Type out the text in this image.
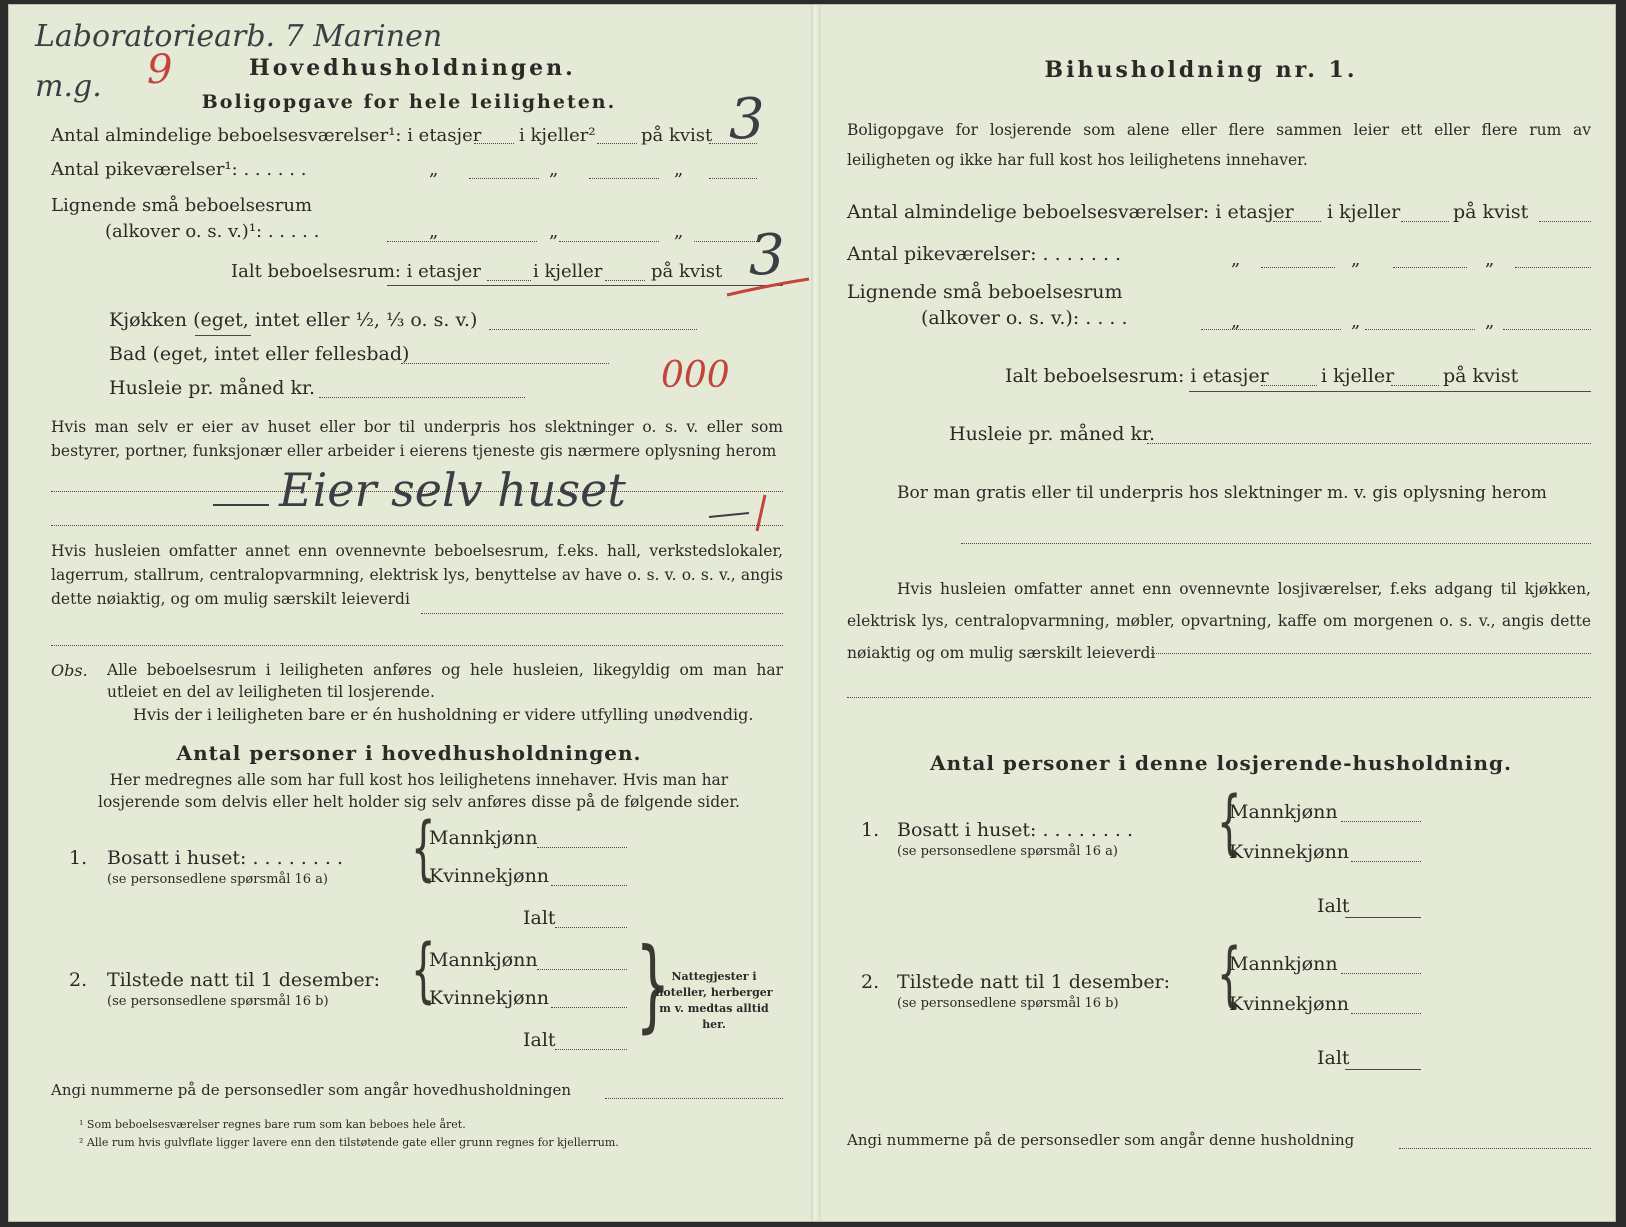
Laboratoriearb. 7 Marinen
m.g. 9	Hovedhusholdningen.
Boligopgave for hele leiligheten.
Antal almindelige beboelsesværelser¹: i etasjer i kjeller²	på kvist 3
Antal pikeværelser¹: . . . . . .	„	„	„
Lignende små beboelsesrum
(alkover o. s. v.)¹: . . . . .	„	„	„
Ialt beboelsesrum: i etasjer	i kjeller	på kvist 3
Kjøkken (eget, intet eller ½, ⅓ o. s. v.)
Bad (eget, intet eller fellesbad)
Husleie pr. måned kr.	000
Hvis man selv er eier av huset eller bor til underpris hos slektninger o. s. v. eller som bestyrer, portner, funksjonær eller arbeider i eierens tjeneste gis nærmere oplysning herom
Eier selv huset
Hvis husleien omfatter annet enn ovennevnte beboelsesrum, f.eks. hall, verkstedslokaler, lagerrum, stallrum, centralopvarmning, elektrisk lys, benyttelse av have o. s. v. o. s. v., angis dette nøiaktig, og om mulig særskilt leieverdi
Obs. Alle beboelsesrum i leiligheten anføres og hele husleien, likegyldig om man har utleiet en del av leiligheten til losjerende.
Hvis der i leiligheten bare er én husholdning er videre utfylling unødvendig.
Antal personer i hovedhusholdningen.
Her medregnes alle som har full kost hos leilighetens innehaver. Hvis man har losjerende som delvis eller helt holder sig selv anføres disse på de følgende sider.
1. Bosatt i huset: . . . . . . . .
(se personsedlene spørsmål 16 a) {
Mannkjønn
Kvinnekjønn
Ialt
2. Tilstede natt til 1 desember:
(se personsedlene spørsmål 16 b) {
Mannkjønn
Kvinnekjønn
Ialt } Nattegjester i hoteller, herberger m v. medtas alltid her.
Angi nummerne på de personsedler som angår hovedhusholdningen
¹ Som beboelsesværelser regnes bare rum som kan beboes hele året.
² Alle rum hvis gulvflate ligger lavere enn den tilstøtende gate eller grunn regnes for kjellerrum.
Bihusholdning nr. 1.
Boligopgave for losjerende som alene eller flere sammen leier ett eller flere rum av leiligheten og ikke har full kost hos leilighetens innehaver.
Antal almindelige beboelsesværelser: i etasjer i kjeller	på kvist
Antal pikeværelser: . . . . . . .	„	„	„
Lignende små beboelsesrum
(alkover o. s. v.): . . . .	„	„	„
Ialt beboelsesrum: i etasjer	i kjeller	på kvist
Husleie pr. måned kr.
Bor man gratis eller til underpris hos slektninger m. v. gis oplysning herom
Hvis husleien omfatter annet enn ovennevnte losjiværelser, f.eks adgang til kjøkken, elektrisk lys, centralopvarmning, møbler, opvartning, kaffe om morgenen o. s. v., angis dette nøiaktig og om mulig særskilt leieverdi
Antal personer i denne losjerende-husholdning.
1. Bosatt i huset: . . . . . . . .
(se personsedlene spørsmål 16 a) {
Mannkjønn
Kvinnekjønn
Ialt
2. Tilstede natt til 1 desember:
(se personsedlene spørsmål 16 b) {
Mannkjønn
Kvinnekjønn
Ialt
Angi nummerne på de personsedler som angår denne husholdning
